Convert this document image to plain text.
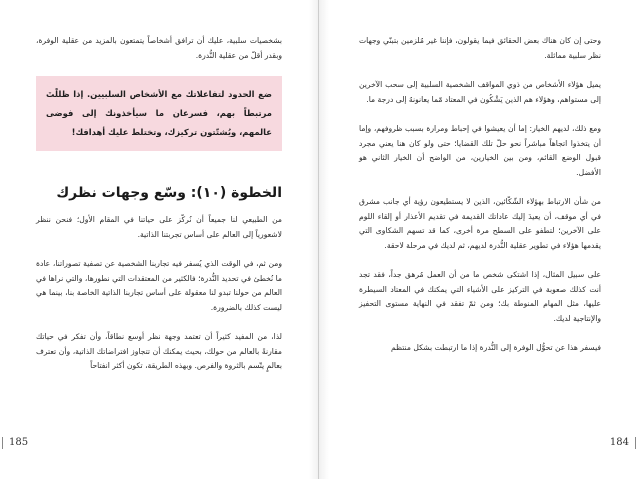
بشخصيات سلبية، عليك أن ترافق أشخاصاً يتمتعون بالمزيد من عقلية الوفرة، وبقدر أقلّ من عقلية النُّدرة.

ضع الحدود لتفاعلاتك مع الأشخاص السلبيين. إذا ظللْتَ مرتبطاً بهم، فسرعان ما سيأخذونك إلى فوضى عالمهم، ويُشتّتون تركيزك، وتختلط عليك أهدافك!
الخطوة (١٠): وسّع وجهات نظرك

من الطبيعي لنا جميعاً أن نُركّز على حياتنا في المقام الأول؛ فنحن ننظر لاشعورياً إلى العالم على أساس تجربتنا الذاتية.

ومن ثم، في الوقت الذي يُسفر فيه تجاربنا الشخصية عن تصفية تصوراتنا، عادة ما نُخطئ في تحديد النُّدرة؛ فالكثير من المعتقدات التي نطورها، والتي نراها في العالم من حولنا تبدو لنا معقولة على أساس تجاربنا الذاتية الخاصة بنا، بينما هي ليست كذلك بالضرورة.

لذا، من المفيد كثيراً أن تعتمد وجهة نظر أوسع نطاقاً، وأن تفكر في حياتك مقارنةً بالعالم من حولك، بحيث يمكنك أن تتجاوز افتراضاتك الذاتية، وأن تعترف بعالمٍ يتّسم بالثروة والفرص. وبهذه الطريقة، تكون أكثر انفتاحاً

185

وحتى إن كان هناك بعض الحقائق فيما يقولون، فإننا غير مُلزمين بتبنّي وجهات نظر سلبية مماثلة.

يميل هؤلاء الأشخاص من ذوي المواقف الشخصية السلبية إلى سحب الآخرين إلى مستواهم، وهؤلاء هم الذين يَشْكُون في المعتاد مّما يعانونهُ إلى درجة ما.

ومع ذلك، لديهم الخيار: إما أن يعيشوا في إحباط ومرارة بسبب ظروفهم، وإما أن يتخذوا اتجاهاً مباشراً نحو حلّ تلك القضايا؛ حتى ولو كان هنا يعني مجرد قبول الوضع القائم، ومن بين الخيارين، من الواضح أن الخيار الثاني هو الأفضل.

من شأن الارتباط بهؤلاء الشّكّائين، الذين لا يستطيعون رؤية أي جانب مشرق في أي موقف، أن يعيدَ إليك عاداتك القديمة في تقديم الأعذار أو إلقاء اللوم على الآخرين؛ لتطفو على السطح مرة أخرى، كما قد تسهم الشكاوى التي يقدمها هؤلاء في تطوير عقلية النُّدرة لديهم، ثم لديك في مرحلة لاحقة.

على سبيل المثال، إذا اشتكى شخص ما من أن العمل مُرهق جداً، فقد تجد أنت كذلك صعوبة في التركيز على الأشياء التي يمكنك في المعتاد السيطرة عليها، مثل المهام المنوطة بك؛ ومن ثمّ تفقد في النهاية مستوى التحفيز والإنتاجية لديك.

فيسفر هذا عن تحوُّل الوفرة إلى النُّدرة إذا ما ارتبطت بشكل منتظم

184
